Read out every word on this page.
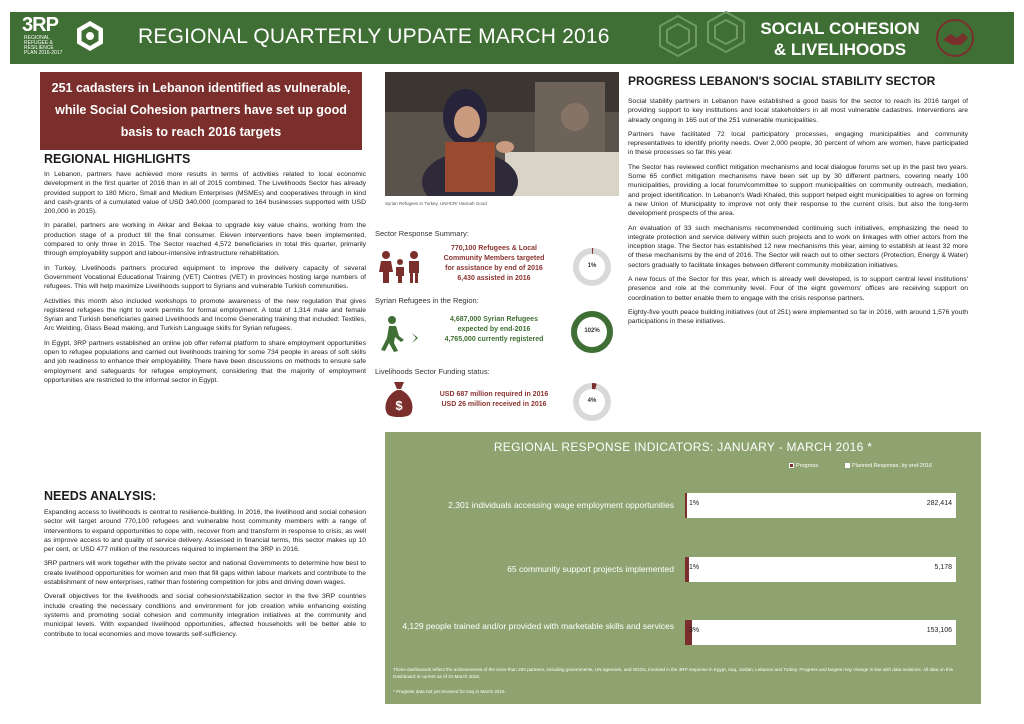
3RP
REGIONAL REFUGEE & RESILIENCE PLAN 2016-2017
REGIONAL QUARTERLY UPDATE MARCH 2016	SOCIAL COHESION
& LIVELIHOODS
251 cadasters in Lebanon identified as vulnerable, while Social Cohesion partners have set up good basis to reach 2016 targets
REGIONAL HIGHLIGHTS

In Lebanon, partners have achieved more results in terms of activities related to local economic development in the first quarter of 2016 than in all of 2015 combined. The Livelihoods Sector has already provided support to 180 Micro, Small and Medium Enterprises (MSMEs) and cooperatives through in kind and cash-grants of a cumulated value of USD 340,000 (compared to 164 businesses supported with USD 200,000 in 2015).

In parallel, partners are working in Akkar and Bekaa to upgrade key value chains, working from the production stage of a product till the final consumer. Eleven interventions have been implemented, compared to only three in 2015. The Sector reached 4,572 beneficiaries in total this quarter, primarily through employability support and labour-intensive infrastructure rehabilitation.

In Turkey, Livelihoods partners procured equipment to improve the delivery capacity of several Government Vocational Educational Training (VET) Centres (VET) in provinces hosting large numbers of refugees. This will help maximize Livelihoods support to Syrians and vulnerable Turkish communities.

Activities this month also included workshops to promote awareness of the new regulation that gives registered refugees the right to work permits for formal employment. A total of 1,314 male and female Syrian and Turkish beneficiaries gained Livelihoods and Income Generating training that included: Textiles, Arc Welding, Glass Bead making, and Turkish Language skills for Syrian refugees.

In Egypt, 3RP partners established an online job offer referral platform to share employment opportunities open to refugee populations and carried out livelihoods training for some 734 people in areas of soft skills and job readiness to enhance their employability. There have been discussions on methods to ensure safe employment and safeguards for refugee employment, considering that the majority of employment opportunities are restricted to the informal sector in Egypt.

NEEDS ANALYSIS:

Expanding access to livelihoods is central to resilience-building. In 2016, the livelihood and social cohesion sector will target around 770,100 refugees and vulnerable host community members with a range of interventions to expand opportunities to cope with, recover from and transform in response to crisis, as well as improve access to and quality of service delivery. Assessed in financial terms, this sector makes up 10 per cent, or USD 477 million of the resources required to implement the 3RP in 2016.

3RP partners will work together with the private sector and national Governments to determine how best to create livelihood opportunities for women and men that fill gaps within labour markets and contribute to the establishment of new enterprises, rather than fostering competition for jobs and driving down wages.

Overall objectives for the livelihoods and social cohesion/stabilization sector in the five 3RP countries include creating the necessary conditions and environment for job creation while enhancing existing systems and promoting social cohesion and community integration initiatives at the community and municipal levels. With expanded livelihood opportunities, affected households will be better able to contribute to local economies and move towards self-sufficiency.

Syrian Refugees in Turkey, UNHCR/ Hannah Good
Sector Response Summary:
770,100 Refugees & Local
Community Members targeted
for assistance by end of 2016
6,430 assisted in 2016
1%
Syrian Refugees in the Region:
4,687,000 Syrian Refugees
expected by end-2016
4,765,000 currently registered
102%
Livelihoods Sector Funding status:
$
USD 687 million required in 2016
USD 26 million received in 2016	4%
PROGRESS LEBANON'S SOCIAL STABILITY SECTOR

Social stability partners in Lebanon have established a good basis for the sector to reach its 2016 target of providing support to key institutions and local stakeholders in all most vulnerable cadastres. Interventions are already ongoing in 165 out of the 251 vulnerable municipalities.

Partners have facilitated 72 local participatory processes, engaging municipalities and community representatives to identify priority needs. Over 2,000 people, 30 percent of whom are women, have participated in these processes so far this year.

The Sector has reviewed conflict mitigation mechanisms and local dialogue forums set up in the past two years. Some 65 conflict mitigation mechanisms have been set up by 30 different partners, covering nearly 100 municipalities, providing a local forum/committee to support municipalities on community outreach, mediation, and project identification. In Lebanon's Wadi Khaled, this support helped eight municipalities to agree on forming a new Union of Municipality to improve not only their response to the current crisis, but also the long-term development prospects of the area.

An evaluation of 33 such mechanisms recommended continuing such initiatives, emphasizing the need to integrate protection and service delivery within such projects and to work on linkages with other actors from the inception stage. The Sector has established 12 new mechanisms this year, aiming to establish at least 32 more of these mechanisms by the end of 2016. The Sector will reach out to other sectors (Protection, Energy & Water) sectors gradually to facilitate linkages between different community mobilization initiatives.

A new focus of the Sector for this year, which is already well developed, is to support central level institutions' presence and role at the community level. Four of the eight governors' offices are receiving support on coordination to better enable them to engage with the crisis response partners.

Eighty-five youth peace building initiatives (out of 251) were implemented so far in 2016, with around 1,576 youth participations in these initiatives.

REGIONAL RESPONSE INDICATORS: JANUARY - MARCH 2016 *
Progress	Planned Response, by end-2016
2,301 individuals accessing wage employment opportunities 1%	282,414
65 community support projects implemented 1%	5,178
4,129 people trained and/or provided with marketable skills and services 3%	153,106
These dashboards reflect the achievements of the more than 200 partners, including governments, UN agencies, and NGOs, involved in the 3RP response in Egypt, Iraq, Jordan, Lebanon and Turkey. Progress and targets may change in line with data revisions. All data on this Dashboard is current as of 31 March 2016.
* Progress data not yet received for Iraq in March 2016.
